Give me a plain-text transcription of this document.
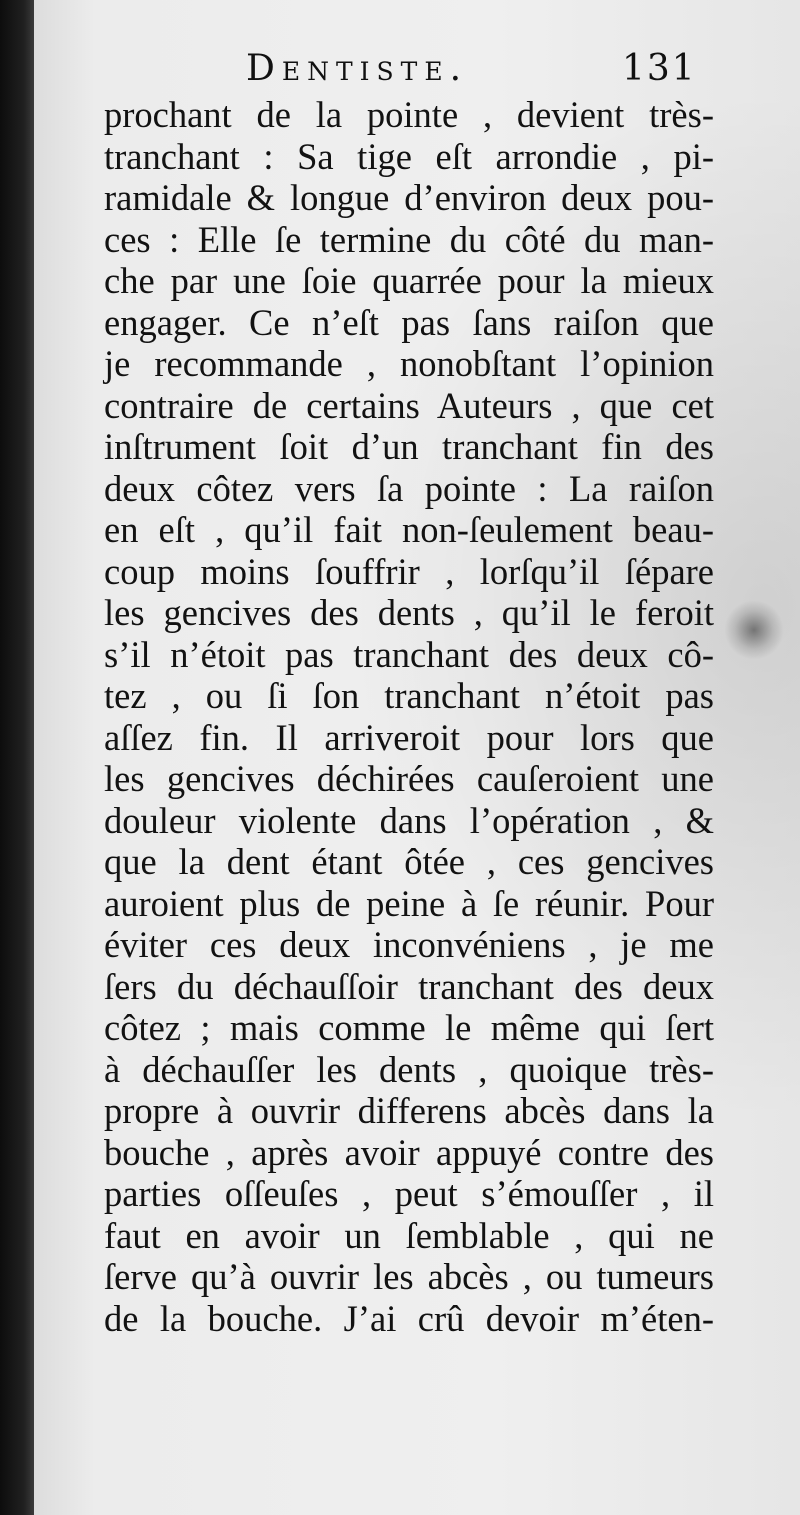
Dentiste.	131
prochant de la pointe , devient très-
tranchant : Sa tige eſt arrondie , pi-
ramidale & longue d’environ deux pou-
ces : Elle ſe termine du côté du man-
che par une ſoie quarrée pour la mieux
engager. Ce n’eſt pas ſans raiſon que
je recommande , nonobſtant l’opinion
contraire de certains Auteurs , que cet
inſtrument ſoit d’un tranchant fin des
deux côtez vers ſa pointe : La raiſon
en eſt , qu’il fait non-ſeulement beau-
coup moins ſouffrir , lorſqu’il ſépare
les gencives des dents , qu’il le feroit
s’il n’étoit pas tranchant des deux cô-
tez , ou ſi ſon tranchant n’étoit pas
aſſez fin. Il arriveroit pour lors que
les gencives déchirées cauſeroient une
douleur violente dans l’opération , &
que la dent étant ôtée , ces gencives
auroient plus de peine à ſe réunir. Pour
éviter ces deux inconvéniens , je me
ſers du déchauſſoir tranchant des deux
côtez ; mais comme le même qui ſert
à déchauſſer les dents , quoique très-
propre à ouvrir differens abcès dans la
bouche , après avoir appuyé contre des
parties oſſeuſes , peut s’émouſſer , il
faut en avoir un ſemblable , qui ne
ſerve qu’à ouvrir les abcès , ou tumeurs
de la bouche. J’ai crû devoir m’éten-
